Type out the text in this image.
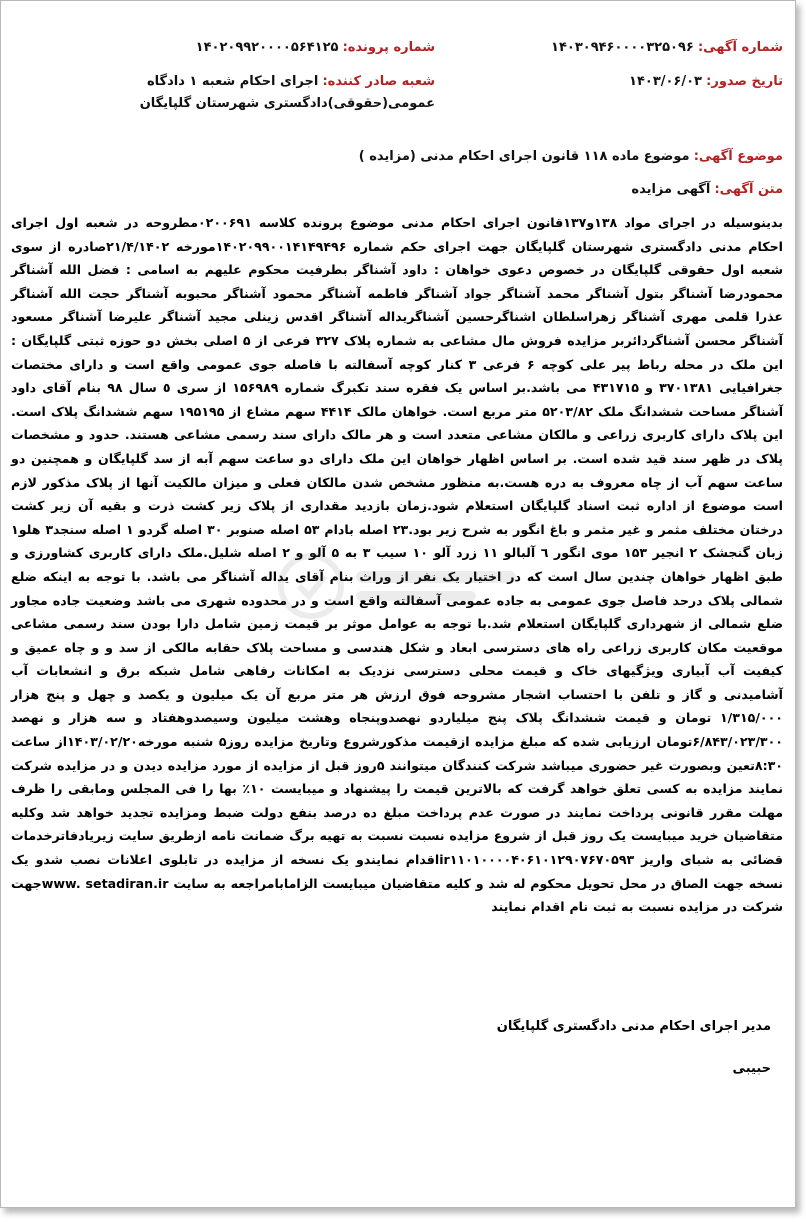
شماره آگهی: ۱۴۰۳۰۹۴۶۰۰۰۰۳۲۵۰۹۶
شماره پرونده: ۱۴۰۲۰۹۹۲۰۰۰۰۵۶۴۱۲۵
تاریخ صدور: ۱۴۰۳/۰۶/۰۳
شعبه صادر کننده: اجرای احکام شعبه ۱ دادگاه عمومی(حقوقی)دادگستری شهرستان گلپایگان
موضوع آگهی: موضوع ماده ۱۱۸ قانون اجرای احکام مدنی (مزایده )
متن آگهی: آگهی مزایده
بدینوسیله در اجرای مواد ۱۳۸و۱۳۷قانون اجرای احکام مدنی موضوع پرونده کلاسه ۰۲۰۰۶۹۱مطروحه در شعبه اول اجرای احکام مدنی دادگستری شهرستان گلپایگان جهت اجرای حکم شماره ۱۴۰۲۰۹۹۰۰۱۴۱۴۹۴۹۶مورخه ۲۱/۴/۱۴۰۲صادره از سوی شعبه اول حقوقی گلپایگان در خصوص دعوی خواهان : داود آشناگر بطرفیت محکوم علیهم به اسامی : فضل الله آشناگر محمودرضا آشناگر بتول آشناگر محمد آشناگر جواد آشناگر فاطمه آشناگر محمود آشناگر محبوبه آشناگر حجت الله آشناگر عذرا قلمی مهری آشناگر زهراسلطان اشناگرحسین آشناگریداله آشناگر اقدس زینلی مجید آشناگر علیرضا آشناگر مسعود آشناگر محسن آشناگردائربر مزایده فروش مال مشاعی به شماره پلاک ۳۲۷ فرعی از ۵ اصلی بخش دو حوزه ثبتی گلپایگان : این ملک در محله رباط پیر علی کوچه ۶ فرعی ۳ کنار کوچه آسفالته با فاصله جوی عمومی واقع است و دارای مختصات جغرافیایی ۳۷۰۱۳۸۱ و ۴۳۱۷۱۵ می باشد.بر اساس یک فقره سند تکبرگ شماره ۱۵۶۹۸۹ از سری ٥ سال ۹۸ بنام آقای داود آشناگر مساحت ششدانگ ملک ۵۲۰۳/۸۲ متر مربع است. خواهان مالک ۴۴۱۴ سهم مشاع از ۱۹۵۱۹۵ سهم ششدانگ پلاک است. این پلاک دارای کاربری زراعی و مالکان مشاعی متعدد است و هر مالک دارای سند رسمی مشاعی هستند. حدود و مشخصات پلاک در ظهر سند قید شده است. بر اساس اظهار خواهان این ملک دارای دو ساعت سهم آبه از سد گلپایگان و همچنین دو ساعت سهم آب از چاه معروف به دره هست.به منظور مشخص شدن مالکان فعلی و میزان مالکیت آنها از پلاک مذکور لازم است موضوع از اداره ثبت اسناد گلپایگان استعلام شود.زمان بازدید مقداری از پلاک زیر کشت ذرت و بقیه آن زیر کشت درختان مختلف مثمر و غیر مثمر و باغ انگور به شرح زیر بود.۲۳ اصله بادام ۵۳ اصله صنوبر ۳۰ اصله گردو ۱ اصله سنجد۳ هلو۱ زبان گنجشک ۲ انجیر ۱۵۳ موی انگور ٦ آلبالو ۱۱ زرد آلو ۱۰ سیب ۳ به ۵ آلو و ۲ اصله شلیل.ملک دارای کاربری کشاورزی و طبق اظهار خواهان چندین سال است که در اختیار یک نفر از وراث بنام آقای یداله آشناگر می باشد. با توجه به اینکه ضلع شمالی پلاک درحد فاصل جوی عمومی به جاده عمومی آسفالته واقع است و در محدوده شهری می باشد وضعیت جاده مجاور ضلع شمالی از شهرداری گلپایگان استعلام شد.با توجه به عوامل موثر بر قیمت زمین شامل دارا بودن سند رسمی مشاعی موقعیت مکان کاربری زراعی راه های دسترسی ابعاد و شکل هندسی و مساحت پلاک حقابه مالکی از سد و و چاه عمیق و کیفیت آب آبیاری ویژگیهای خاک و قیمت محلی دسترسی نزدیک به امکانات رفاهی شامل شبکه برق و انشعابات آب آشامیدنی و گاز و تلفن با احتساب اشجار مشروحه فوق ارزش هر متر مربع آن یک میلیون و یکصد و چهل و پنج هزار ۱/۳۱۵/۰۰۰ تومان و قیمت ششدانگ پلاک پنج میلیاردو نهصدوپنجاه وهشت میلیون وسیصدوهفتاد و سه هزار و نهصد ۶/۸۴۳/۰۲۳/۳۰۰تومان ارزیابی شده که مبلغ مزایده ازقیمت مذکورشروع وتاریخ مزایده روز۵ شنبه مورخه۱۴۰۳/۰۲/۲۰از ساعت ۸:۳۰تعین وبصورت غیر حضوری میباشد شرکت کنندگان میتوانند ۵روز قبل از مزایده از مورد مزایده دیدن و در مزایده شرکت نمایند مزایده به کسی تعلق خواهد گرفت که بالاترین قیمت را پیشنهاد و میبایست ۱۰٪ بها را فی المجلس ومابقی را ظرف مهلت مقرر قانونی پرداخت نمایند در صورت عدم پرداخت مبلغ ده درصد بنفع دولت ضبط ومزایده تجدید خواهد شد وکلیه متقاضیان خرید میبایست یک روز قبل از شروع مزایده نسبت نسبت به تهیه برگ ضمانت نامه ازطریق سایت زیریادفاترخدمات قضائی به شبای واریز ir۱۱۰۱۰۰۰۰۴۰۶۱۰۱۲۹۰۷۶۷۰۵۹۳اقدام نمایندو یک نسخه از مزایده در تابلوی اعلانات نصب شدو یک نسخه جهت الصاق در محل تحویل محکوم له شد و کلیه متقاضیان میبایست الزامابامراجعه به سایت www. setadiran.irجهت شرکت در مزایده نسبت به ثبت نام اقدام نمایند
مدیر اجرای احکام مدنی دادگستری گلپایگان
حبیبی
